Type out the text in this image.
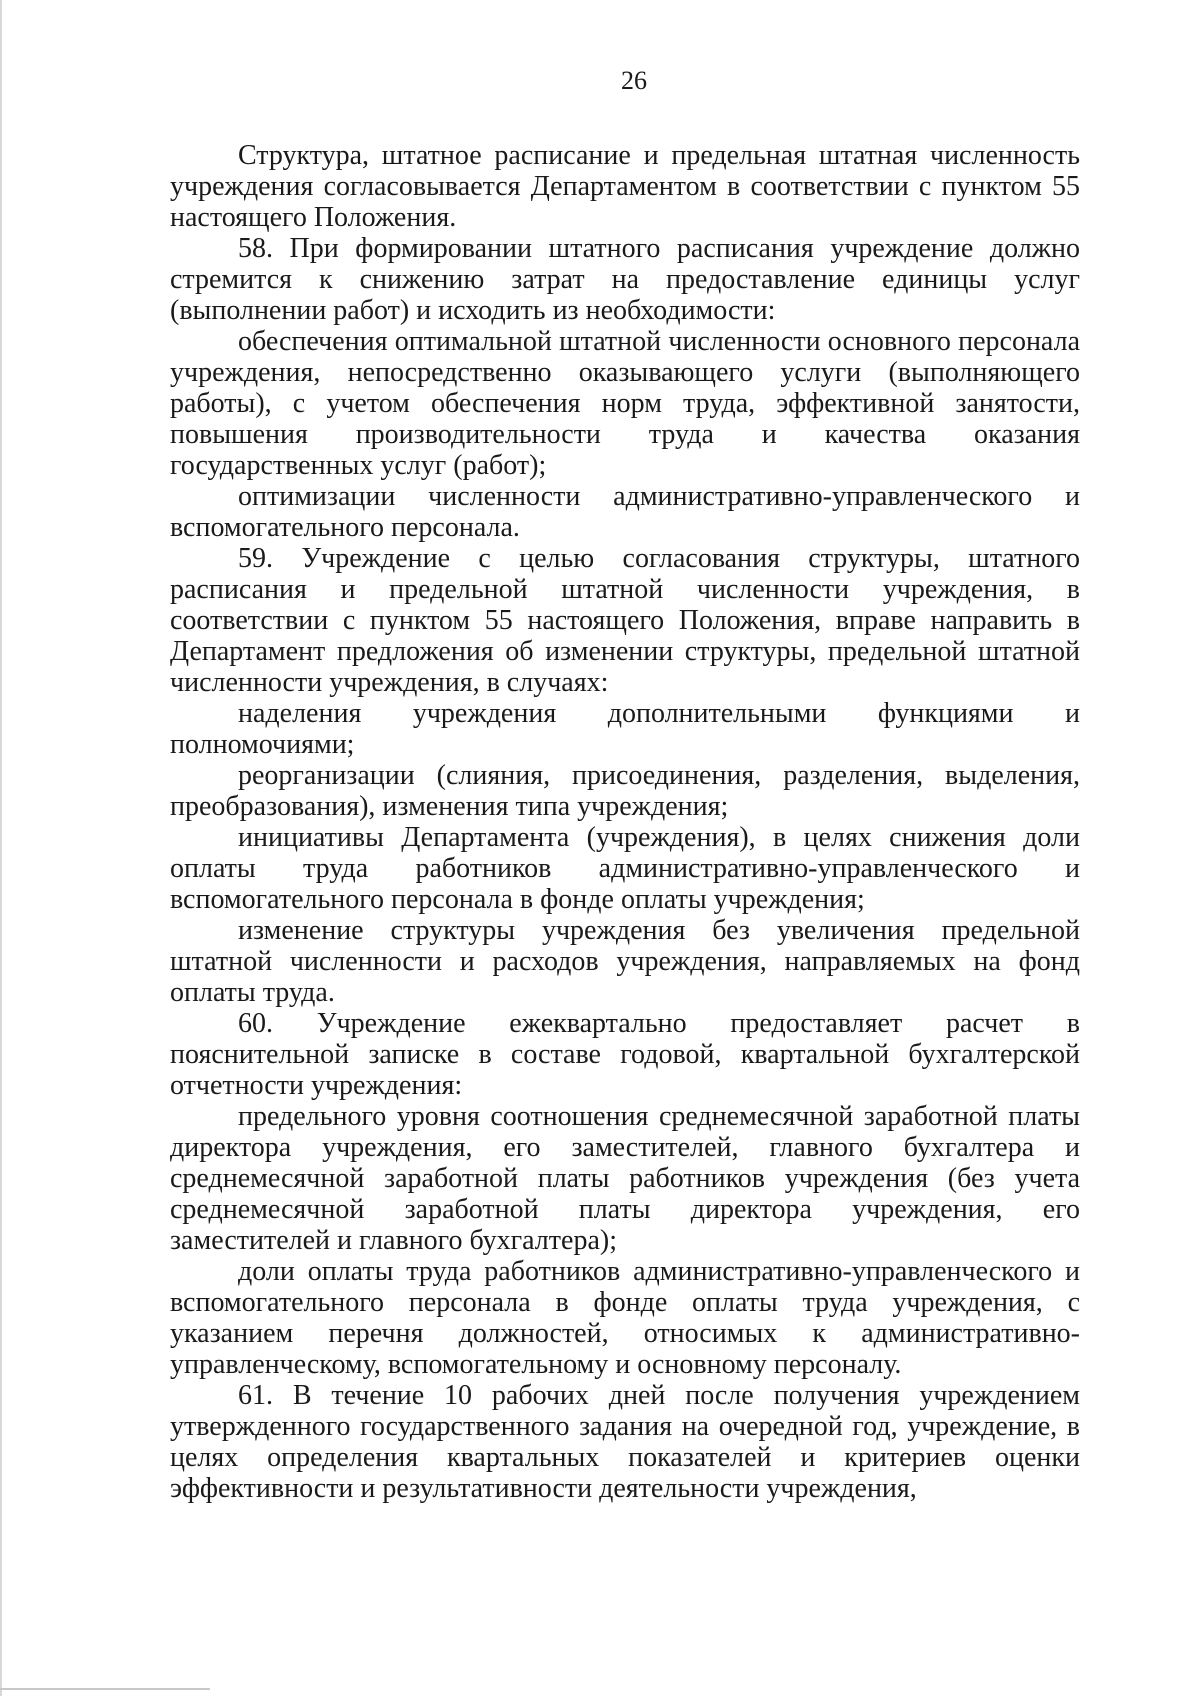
26

Структура, штатное расписание и предельная штатная численность учреждения согласовывается Департаментом в соответствии с пунктом 55 настоящего Положения.

58. При формировании штатного расписания учреждение должно стремится к снижению затрат на предоставление единицы услуг (выполнении работ) и исходить из необходимости:

обеспечения оптимальной штатной численности основного персонала учреждения, непосредственно оказывающего услуги (выполняющего работы), с учетом обеспечения норм труда, эффективной занятости, повышения производительности труда и качества оказания государственных услуг (работ);

оптимизации численности административно-управленческого и вспомогательного персонала.

59. Учреждение с целью согласования структуры, штатного расписания и предельной штатной численности учреждения, в соответствии с пунктом 55 настоящего Положения, вправе направить в Департамент предложения об изменении структуры, предельной штатной численности учреждения, в случаях:

наделения учреждения дополнительными функциями и полномочиями;

реорганизации (слияния, присоединения, разделения, выделения, преобразования), изменения типа учреждения;

инициативы Департамента (учреждения), в целях снижения доли оплаты труда работников административно-управленческого и вспомогательного персонала в фонде оплаты учреждения;

изменение структуры учреждения без увеличения предельной штатной численности и расходов учреждения, направляемых на фонд оплаты труда.

60. Учреждение ежеквартально предоставляет расчет в пояснительной записке в составе годовой, квартальной бухгалтерской отчетности учреждения:

предельного уровня соотношения среднемесячной заработной платы директора учреждения, его заместителей, главного бухгалтера и среднемесячной заработной платы работников учреждения (без учета среднемесячной заработной платы директора учреждения, его заместителей и главного бухгалтера);

доли оплаты труда работников административно-управленческого и вспомогательного персонала в фонде оплаты труда учреждения, с указанием перечня должностей, относимых к административно-управленческому, вспомогательному и основному персоналу.

61. В течение 10 рабочих дней после получения учреждением утвержденного государственного задания на очередной год, учреждение, в целях определения квартальных показателей и критериев оценки эффективности и результативности деятельности учреждения,
